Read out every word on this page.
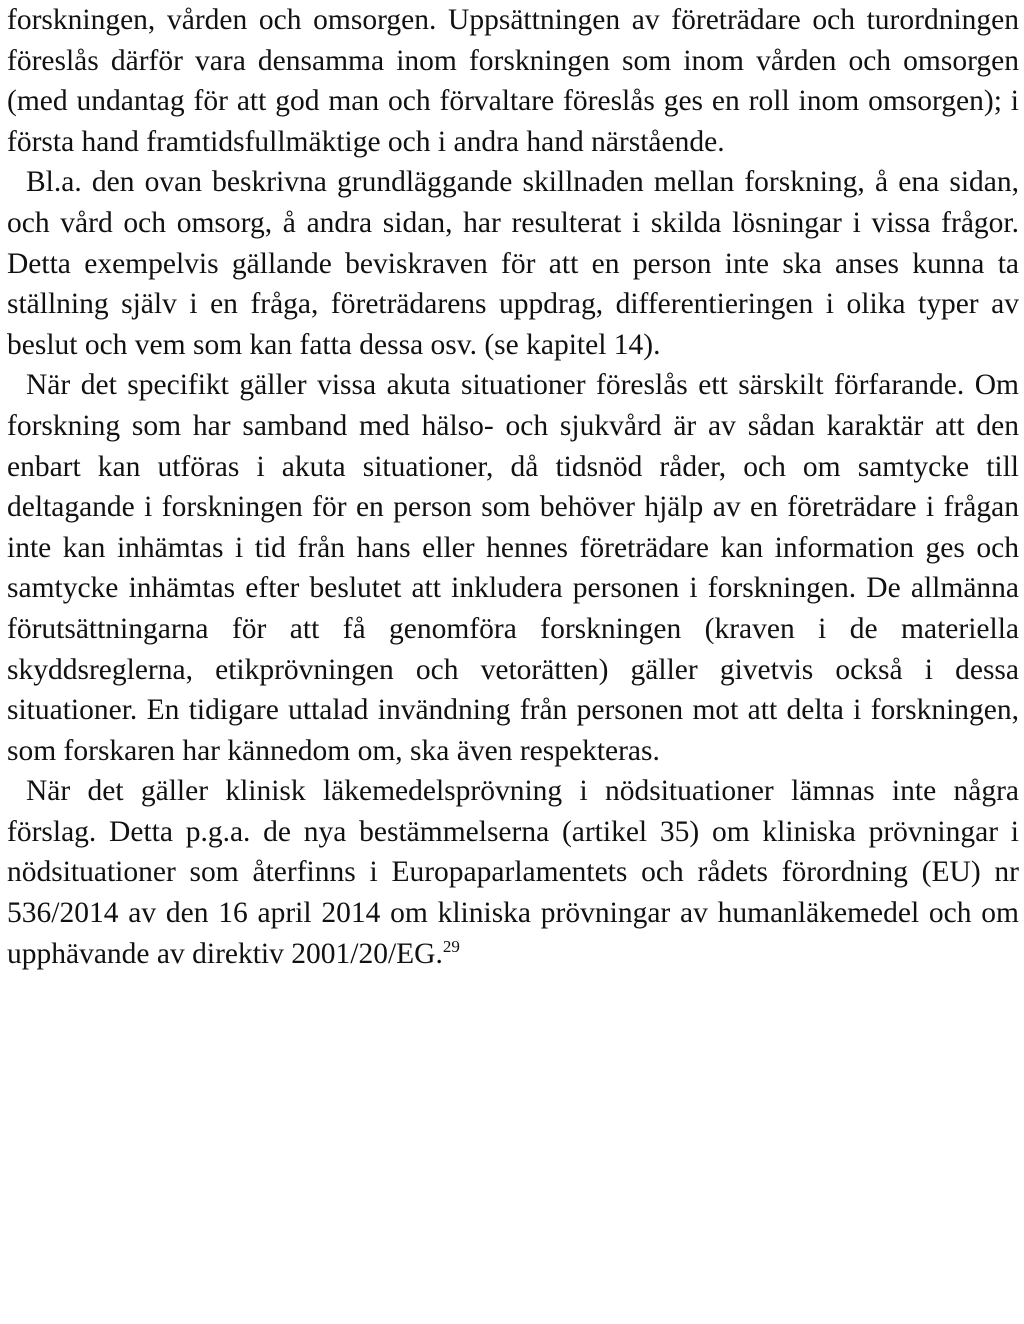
forskningen, vården och omsorgen. Uppsättningen av företrädare och turordningen föreslås därför vara densamma inom forskningen som inom vården och omsorgen (med undantag för att god man och förvaltare föreslås ges en roll inom omsorgen); i första hand framtidsfullmäktige och i andra hand närstående.

Bl.a. den ovan beskrivna grundläggande skillnaden mellan forskning, å ena sidan, och vård och omsorg, å andra sidan, har resulterat i skilda lösningar i vissa frågor. Detta exempelvis gällande beviskraven för att en person inte ska anses kunna ta ställning själv i en fråga, företrädarens uppdrag, differentieringen i olika typer av beslut och vem som kan fatta dessa osv. (se kapitel 14).

När det specifikt gäller vissa akuta situationer föreslås ett särskilt förfarande. Om forskning som har samband med hälso- och sjukvård är av sådan karaktär att den enbart kan utföras i akuta situationer, då tidsnöd råder, och om samtycke till deltagande i forskningen för en person som behöver hjälp av en företrädare i frågan inte kan inhämtas i tid från hans eller hennes företrädare kan information ges och samtycke inhämtas efter beslutet att inkludera personen i forskningen. De allmänna förutsättningarna för att få genomföra forskningen (kraven i de materiella skyddsreglerna, etikprövningen och vetorätten) gäller givetvis också i dessa situationer. En tidigare uttalad invändning från personen mot att delta i forskningen, som forskaren har kännedom om, ska även respekteras.

När det gäller klinisk läkemedelsprövning i nödsituationer lämnas inte några förslag. Detta p.g.a. de nya bestämmelserna (artikel 35) om kliniska prövningar i nödsituationer som återfinns i Europaparlamentets och rådets förordning (EU) nr 536/2014 av den 16 april 2014 om kliniska prövningar av humanläkemedel och om upphävande av direktiv 2001/20/EG.$^{29}$
